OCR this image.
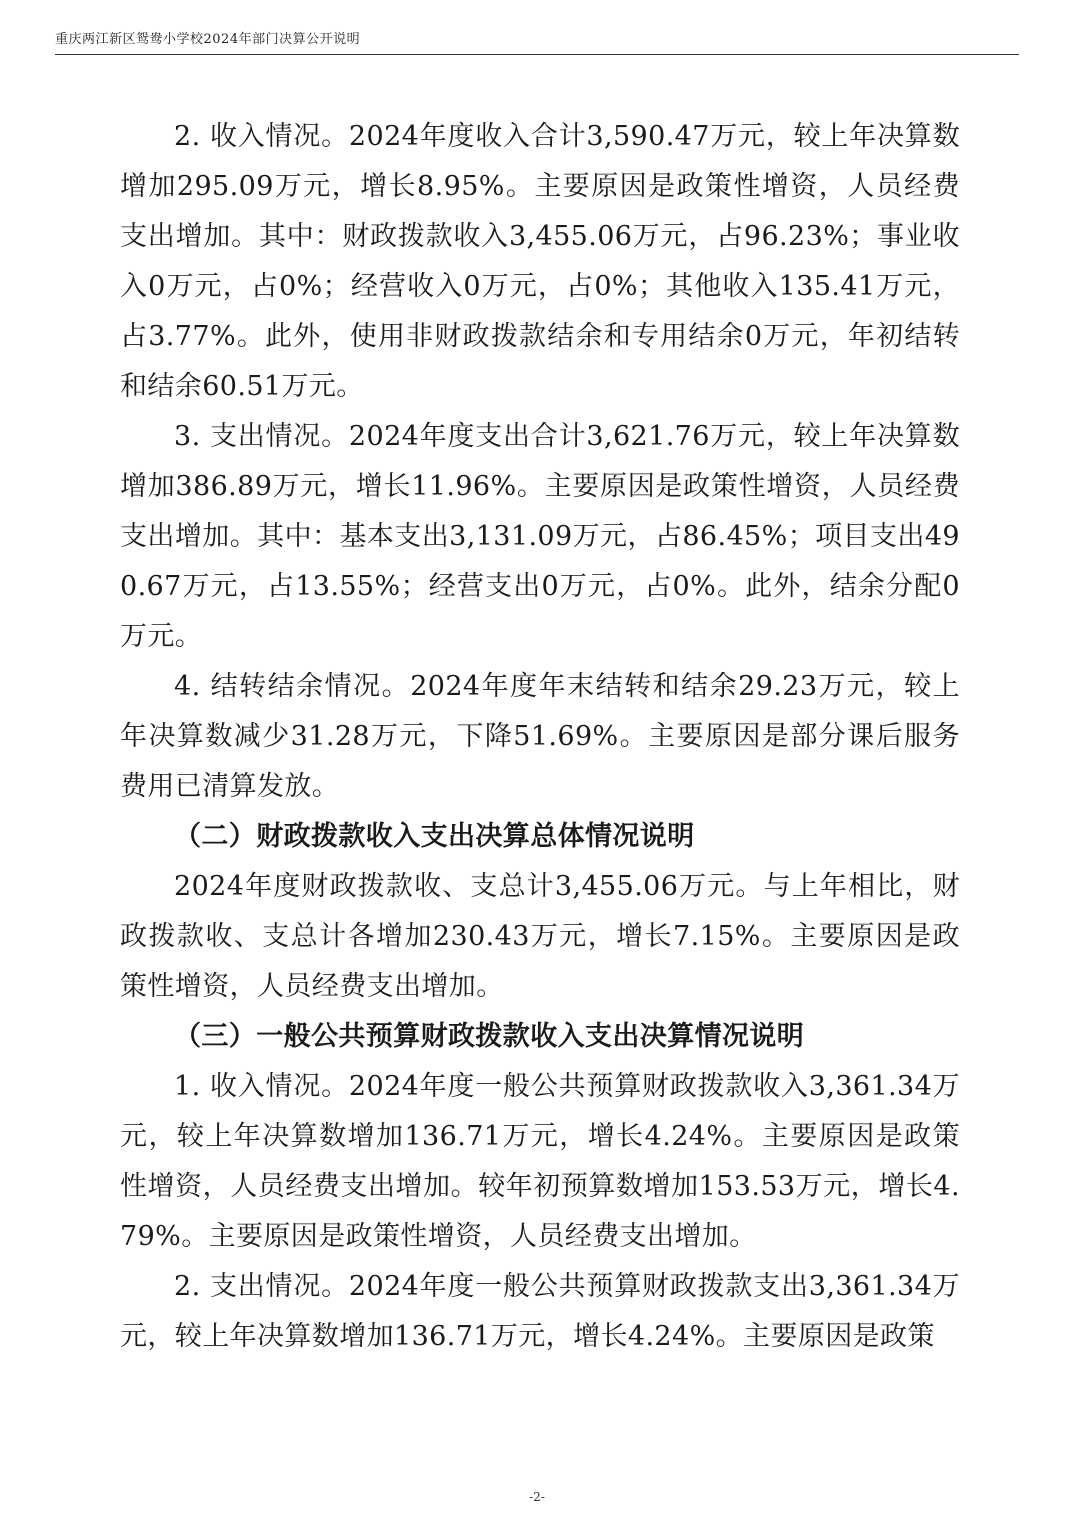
重庆两江新区鸳鸯小学校2024年部门决算公开说明

2. 收入情况。2024年度收入合计3,590.47万元，较上年决算数增加295.09万元，增长8.95%。主要原因是政策性增资，人员经费支出增加。其中：财政拨款收入3,455.06万元，占96.23%；事业收入0万元，占0%；经营收入0万元，占0%；其他收入135.41万元，占3.77%。此外，使用非财政拨款结余和专用结余0万元，年初结转和结余60.51万元。

3. 支出情况。2024年度支出合计3,621.76万元，较上年决算数增加386.89万元，增长11.96%。主要原因是政策性增资，人员经费支出增加。其中：基本支出3,131.09万元，占86.45%；项目支出490.67万元，占13.55%；经营支出0万元，占0%。此外，结余分配0万元。

4. 结转结余情况。2024年度年末结转和结余29.23万元，较上年决算数减少31.28万元，下降51.69%。主要原因是部分课后服务费用已清算发放。

（二）财政拨款收入支出决算总体情况说明

2024年度财政拨款收、支总计3,455.06万元。与上年相比，财政拨款收、支总计各增加230.43万元，增长7.15%。主要原因是政策性增资，人员经费支出增加。

（三）一般公共预算财政拨款收入支出决算情况说明

1. 收入情况。2024年度一般公共预算财政拨款收入3,361.34万元，较上年决算数增加136.71万元，增长4.24%。主要原因是政策性增资，人员经费支出增加。较年初预算数增加153.53万元，增长4.79%。主要原因是政策性增资，人员经费支出增加。

2. 支出情况。2024年度一般公共预算财政拨款支出3,361.34万元，较上年决算数增加136.71万元，增长4.24%。主要原因是政策

-2-
